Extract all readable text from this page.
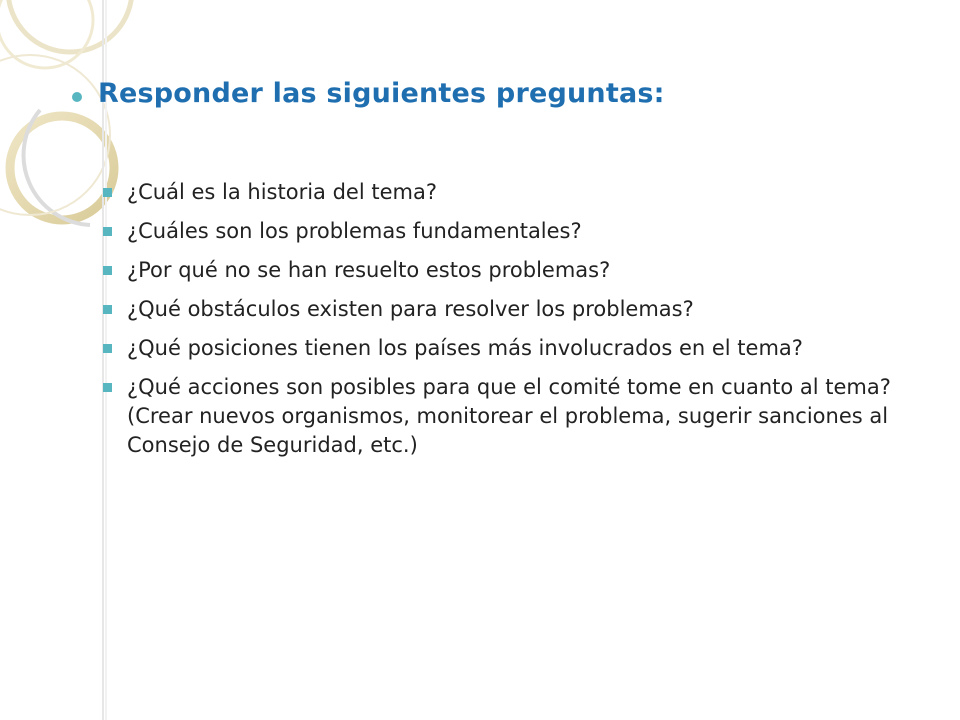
Responder las siguientes preguntas:
¿Cuál es la historia del tema?
¿Cuáles son los problemas fundamentales?
¿Por qué no se han resuelto estos problemas?
¿Qué obstáculos existen para resolver los problemas?
¿Qué posiciones tienen los países más involucrados en el tema?
¿Qué acciones son posibles para que el comité tome en cuanto al tema? (Crear nuevos organismos, monitorear el problema, sugerir sanciones al Consejo de Seguridad, etc.)
